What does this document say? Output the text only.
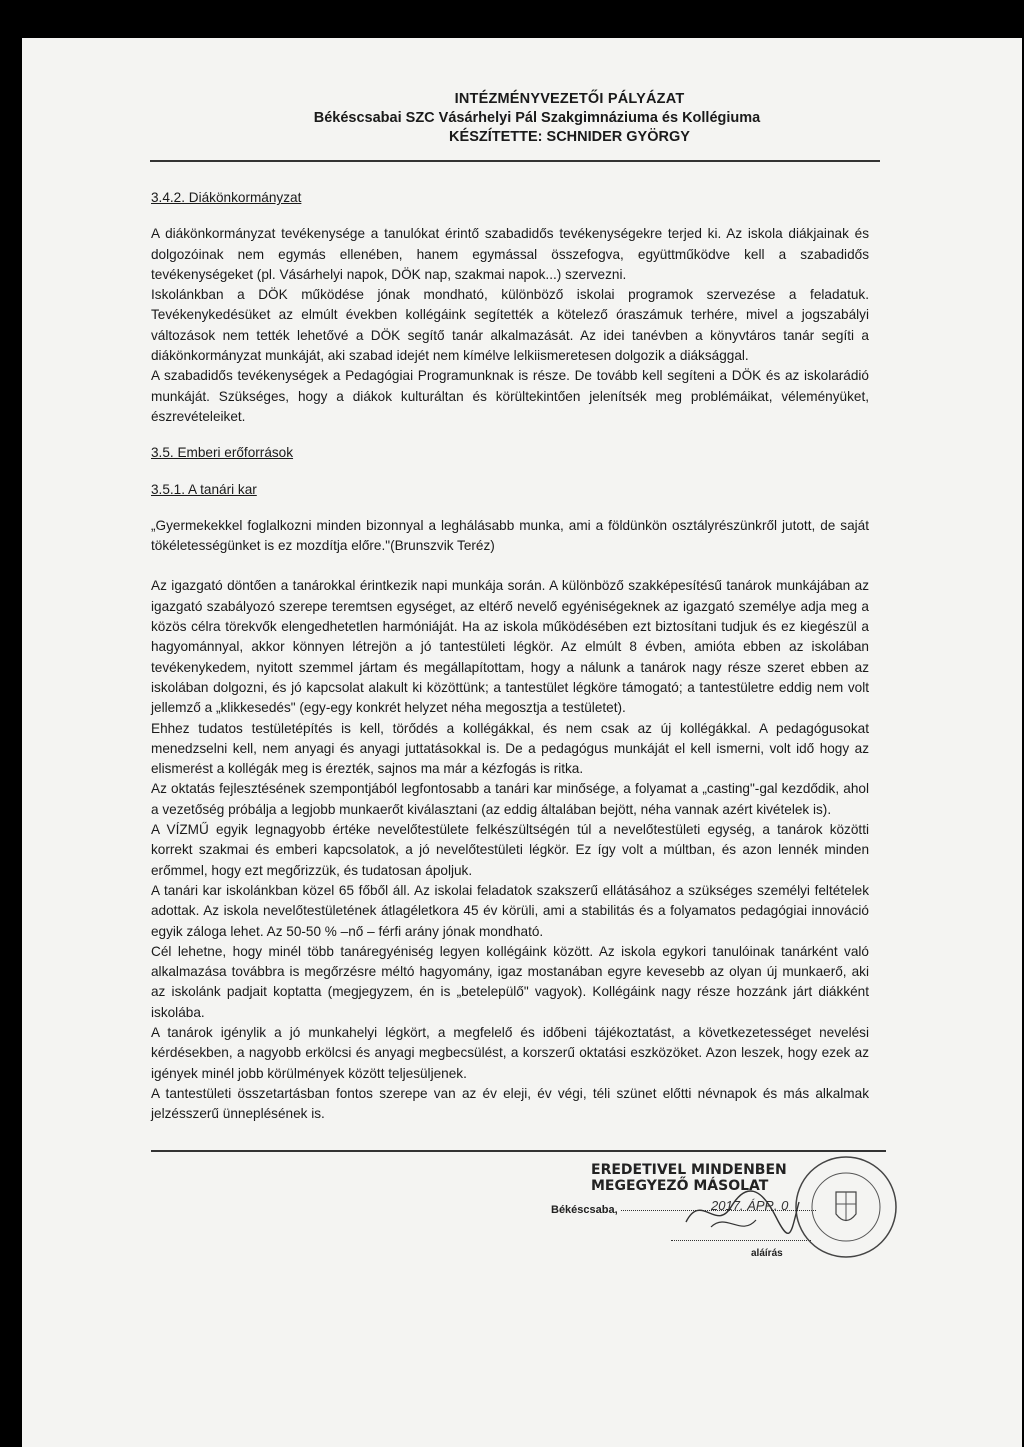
INTÉZMÉNYVEZETŐI PÁLYÁZAT
Békéscsabai SZC Vásárhelyi Pál Szakgimnáziuma és Kollégiuma
KÉSZÍTETTE: SCHNIDER GYÖRGY

3.4.2. Diákönkormányzat

A diákönkormányzat tevékenysége a tanulókat érintő szabadidős tevékenységekre terjed ki. Az iskola diákjainak és dolgozóinak nem egymás ellenében, hanem egymással összefogva, együttműködve kell a szabadidős tevékenységeket (pl. Vásárhelyi napok, DÖK nap, szakmai napok...) szervezni.

Iskolánkban a DÖK működése jónak mondható, különböző iskolai programok szervezése a feladatuk. Tevékenykedésüket az elmúlt években kollégáink segítették a kötelező óraszámuk terhére, mivel a jogszabályi változások nem tették lehetővé a DÖK segítő tanár alkalmazását. Az idei tanévben a könyvtáros tanár segíti a diákönkormányzat munkáját, aki szabad idejét nem kímélve lelkiismeretesen dolgozik a diáksággal.

A szabadidős tevékenységek a Pedagógiai Programunknak is része. De tovább kell segíteni a DÖK és az iskolarádió munkáját. Szükséges, hogy a diákok kulturáltan és körültekintően jelenítsék meg problémáikat, véleményüket, észrevételeiket.

3.5. Emberi erőforrások

3.5.1. A tanári kar

„Gyermekekkel foglalkozni minden bizonnyal a leghálásabb munka, ami a földünkön osztályrészünkről jutott, de saját tökéletességünket is ez mozdítja előre."(Brunszvik Teréz)

Az igazgató döntően a tanárokkal érintkezik napi munkája során. A különböző szakképesítésű tanárok munkájában az igazgató szabályozó szerepe teremtsen egységet, az eltérő nevelő egyéniségeknek az igazgató személye adja meg a közös célra törekvők elengedhetetlen harmóniáját. Ha az iskola működésében ezt biztosítani tudjuk és ez kiegészül a hagyománnyal, akkor könnyen létrejön a jó tantestületi légkör. Az elmúlt 8 évben, amióta ebben az iskolában tevékenykedem, nyitott szemmel jártam és megállapítottam, hogy a nálunk a tanárok nagy része szeret ebben az iskolában dolgozni, és jó kapcsolat alakult ki közöttünk; a tantestület légköre támogató; a tantestületre eddig nem volt jellemző a „klikkesedés" (egy-egy konkrét helyzet néha megosztja a testületet).

Ehhez tudatos testületépítés is kell, törődés a kollégákkal, és nem csak az új kollégákkal. A pedagógusokat menedzselni kell, nem anyagi és anyagi juttatásokkal is. De a pedagógus munkáját el kell ismerni, volt idő hogy az elismerést a kollégák meg is érezték, sajnos ma már a kézfogás is ritka.

Az oktatás fejlesztésének szempontjából legfontosabb a tanári kar minősége, a folyamat a „casting"-gal kezdődik, ahol a vezetőség próbálja a legjobb munkaerőt kiválasztani (az eddig általában bejött, néha vannak azért kivételek is).

A VÍZMŰ egyik legnagyobb értéke nevelőtestülete felkészültségén túl a nevelőtestületi egység, a tanárok közötti korrekt szakmai és emberi kapcsolatok, a jó nevelőtestületi légkör. Ez így volt a múltban, és azon lennék minden erőmmel, hogy ezt megőrizzük, és tudatosan ápoljuk.

A tanári kar iskolánkban közel 65 főből áll. Az iskolai feladatok szakszerű ellátásához a szükséges személyi feltételek adottak. Az iskola nevelőtestületének átlagéletkora 45 év körüli, ami a stabilitás és a folyamatos pedagógiai innováció egyik záloga lehet. Az 50-50 % –nő – férfi arány jónak mondható.

Cél lehetne, hogy minél több tanáregyéniség legyen kollégáink között. Az iskola egykori tanulóinak tanárként való alkalmazása továbbra is megőrzésre méltó hagyomány, igaz mostanában egyre kevesebb az olyan új munkaerő, aki az iskolánk padjait koptatta (megjegyzem, én is „betelepülő" vagyok). Kollégáink nagy része hozzánk járt diákként iskolába.

A tanárok igénylik a jó munkahelyi légkört, a megfelelő és időbeni tájékoztatást, a következetességet nevelési kérdésekben, a nagyobb erkölcsi és anyagi megbecsülést, a korszerű oktatási eszközöket. Azon leszek, hogy ezek az igények minél jobb körülmények között teljesüljenek.

A tantestületi összetartásban fontos szerepe van az év eleji, év végi, téli szünet előtti névnapok és más alkalmak jelzésszerű ünneplésének is.

EREDETIVEL MINDENBEN
MEGEGYEZŐ MÁSOLAT
Békéscsaba,	2017. ÁPR. 0
aláírás
